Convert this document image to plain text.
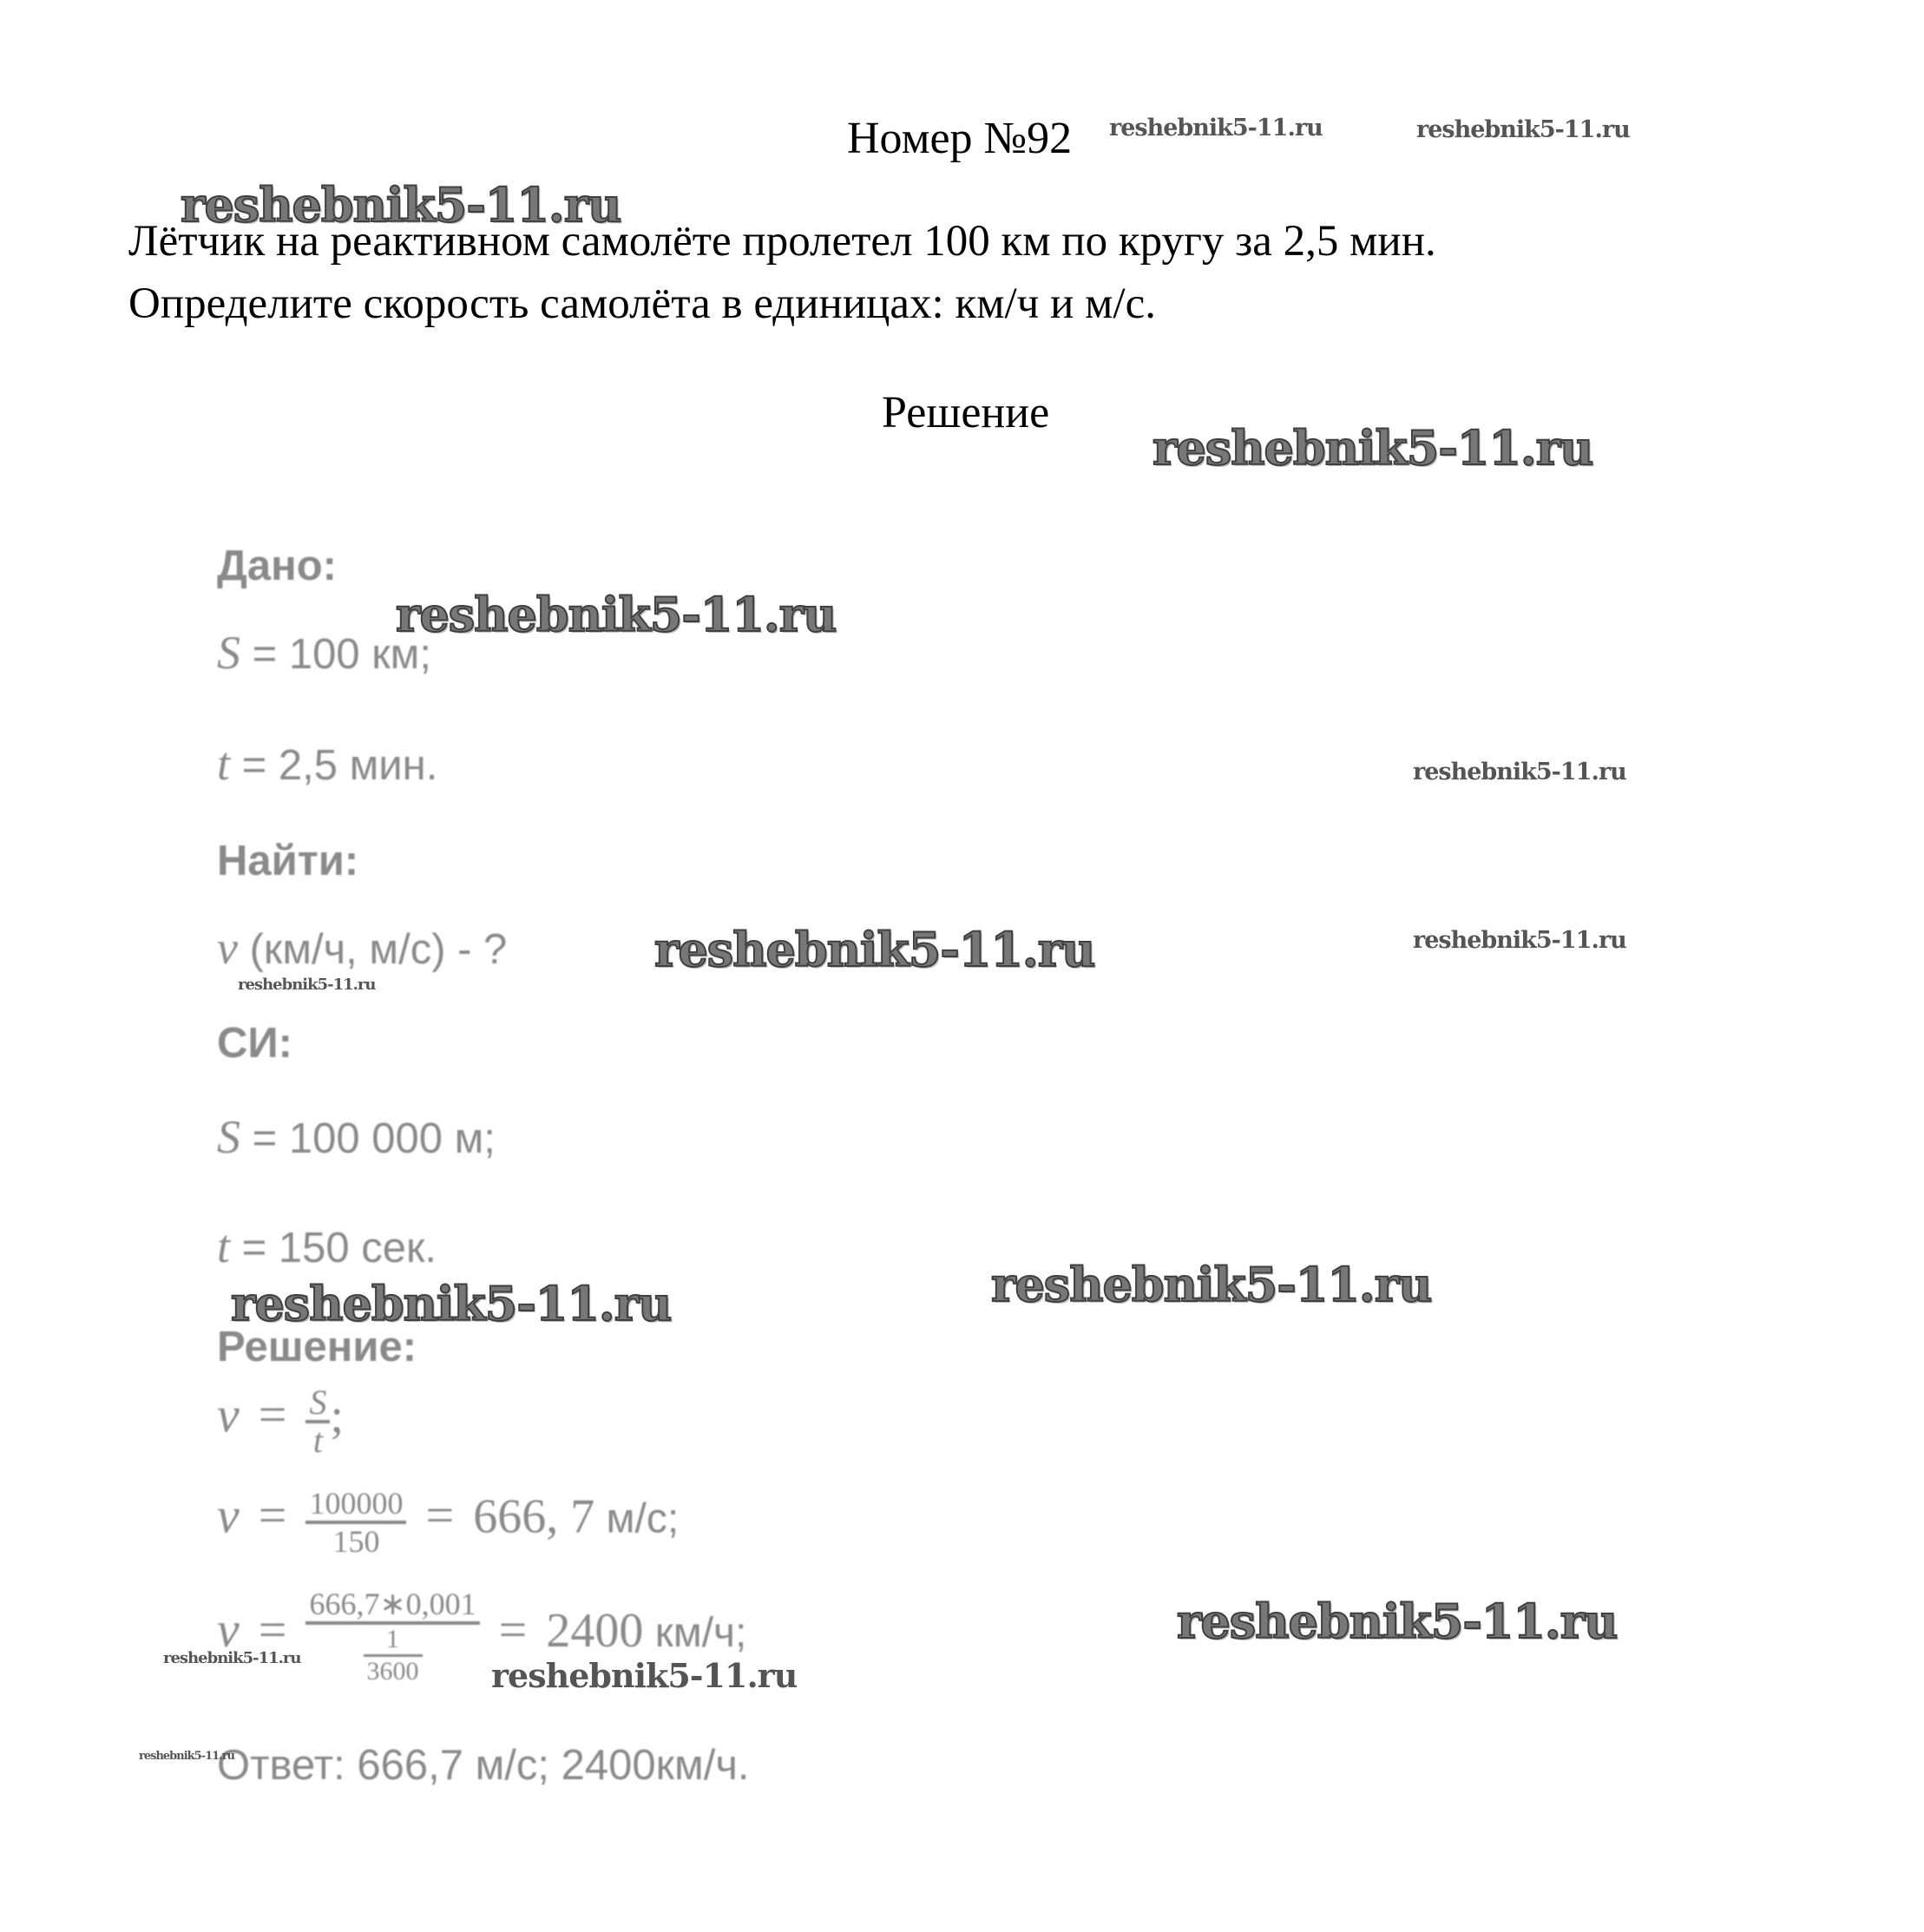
Номер №92
Лётчик на реактивном самолёте пролетел 100 км по кругу за 2,5 мин.
Определите скорость самолёта в единицах: км/ч и м/с.
Решение
Дано:
S = 100 км;
t = 2,5 мин.
Найти:
v (км/ч, м/с) - ?
СИ:
S = 100 000 м;
t = 150 сек.
Решение:
$v = \frac{S}{t}$ ;
$v = \frac{100000}{150} = 666$, 7 м/с;
$v = \frac{666,7∗0,001}{\frac{1}{3600}} = 2400$ км/ч;
Ответ: 666,7 м/с; 2400км/ч.
reshebnik5-11.ru	reshebnik5-11.ru
reshebnik5-11.ru
reshebnik5-11.ru
reshebnik5-11.ru
reshebnik5-11.ru
reshebnik5-11.ru	reshebnik5-11.ru
reshebnik5-11.ru
reshebnik5-11.ru
reshebnik5-11.ru
reshebnik5-11.ru
reshebnik5-11.ru	reshebnik5-11.ru
reshebnik5-11.ru
